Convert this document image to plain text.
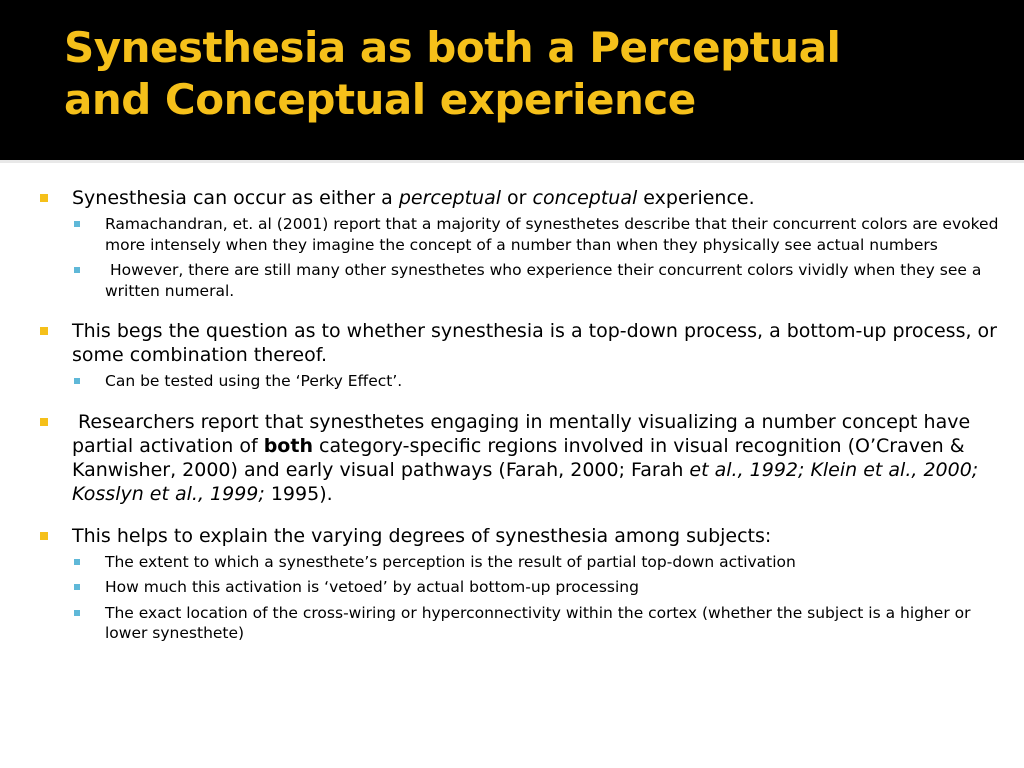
Synesthesia as both a Perceptual
and Conceptual experience
Synesthesia can occur as either a perceptual or conceptual experience.
Ramachandran, et. al (2001) report that a majority of synesthetes describe that their concurrent colors are evoked more intensely when they imagine the concept of a number than when they physically see actual numbers
However, there are still many other synesthetes who experience their concurrent colors vividly when they see a written numeral.
This begs the question as to whether synesthesia is a top-down process, a bottom-up process, or some combination thereof.
Can be tested using the ‘Perky Effect’.
Researchers report that synesthetes engaging in mentally visualizing a number concept have partial activation of both category-specific regions involved in visual recognition (O’Craven & Kanwisher, 2000) and early visual pathways (Farah, 2000; Farah et al., 1992; Klein et al., 2000; Kosslyn et al., 1999; 1995).
This helps to explain the varying degrees of synesthesia among subjects:
The extent to which a synesthete’s perception is the result of partial top-down activation
How much this activation is ‘vetoed’ by actual bottom-up processing
The exact location of the cross-wiring or hyperconnectivity within the cortex (whether the subject is a higher or lower synesthete)
